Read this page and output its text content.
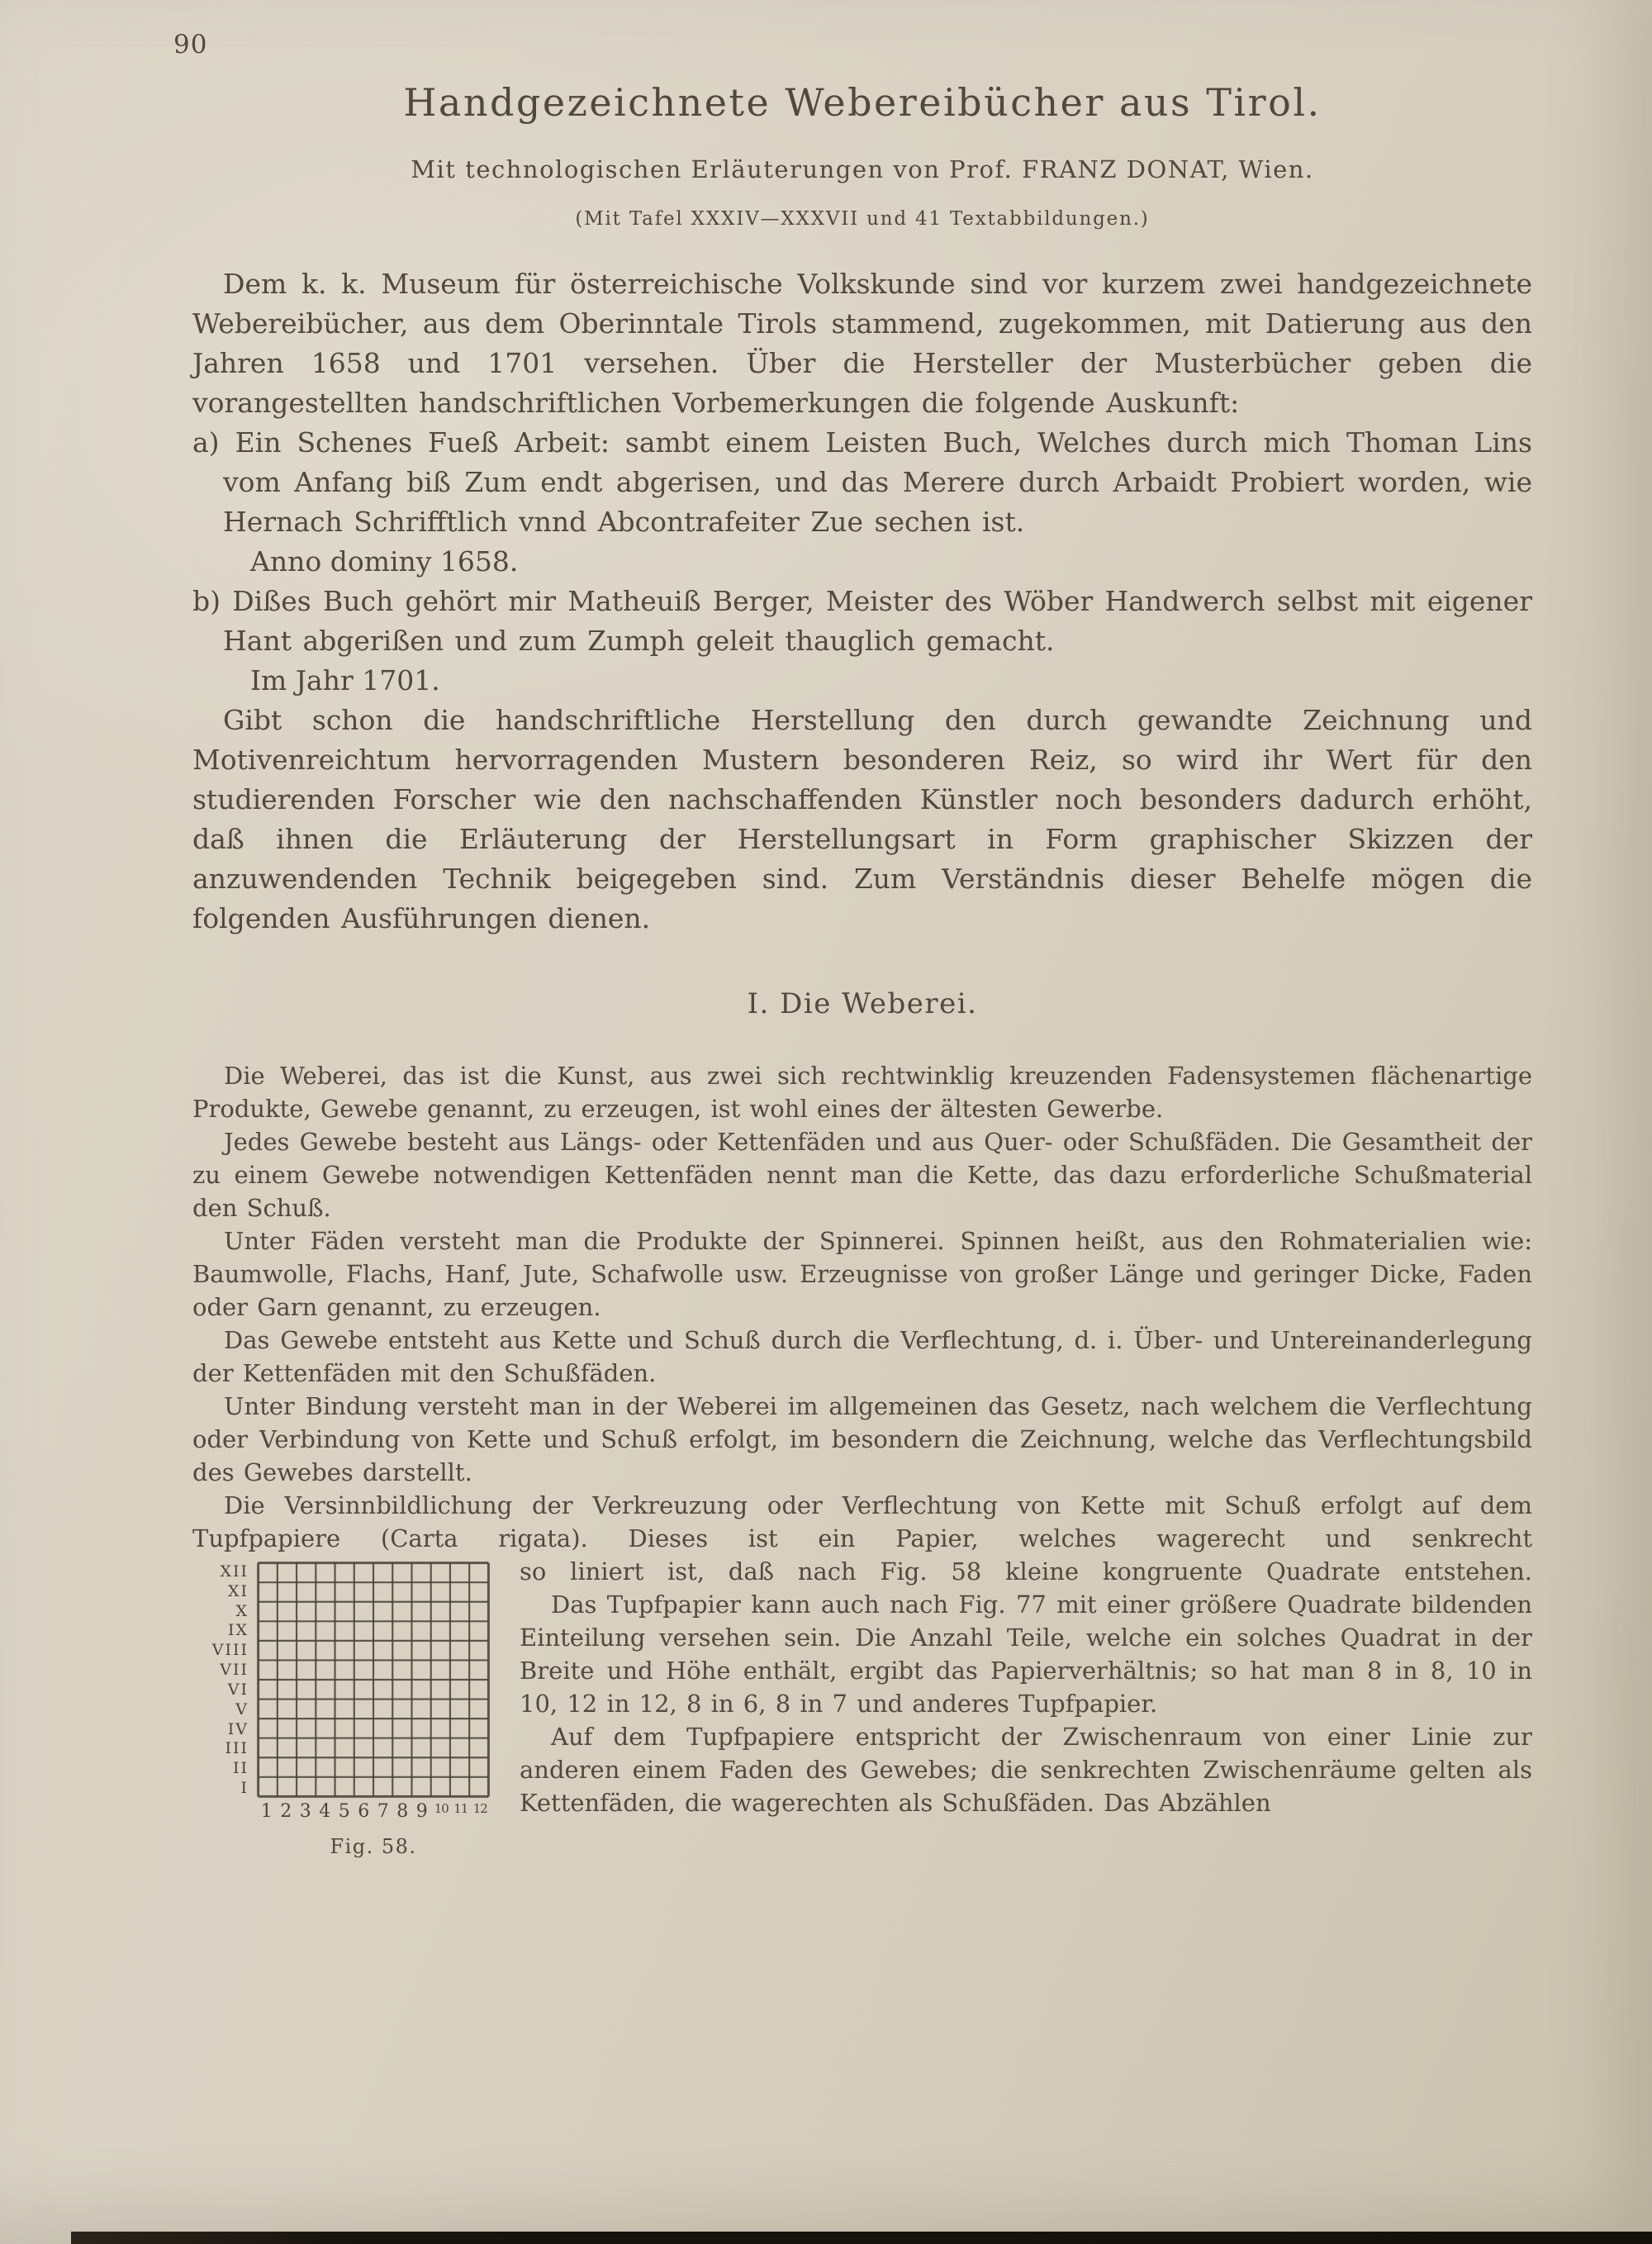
90
Handgezeichnete Webereibücher aus Tirol.
Mit technologischen Erläuterungen von Prof. FRANZ DONAT, Wien.
(Mit Tafel XXXIV—XXXVII und 41 Textabbildungen.)

Dem k. k. Museum für österreichische Volkskunde sind vor kurzem zwei handgezeichnete Webereibücher, aus dem Oberinntale Tirols stammend, zugekommen, mit Datierung aus den Jahren 1658 und 1701 versehen. Über die Hersteller der Musterbücher geben die vorangestellten handschriftlichen Vorbemerkungen die folgende Auskunft:

a) Ein Schenes Fueß Arbeit: sambt einem Leisten Buch, Welches durch mich Thoman Lins vom Anfang biß Zum endt abgerisen, und das Merere durch Arbaidt Probiert worden, wie Hernach Schrifftlich vnnd Abcontrafeiter Zue sechen ist.

Anno dominy 1658.

b) Dißes Buch gehört mir Matheuiß Berger, Meister des Wöber Handwerch selbst mit eigener Hant abgerißen und zum Zumph geleit thauglich gemacht.

Im Jahr 1701.

Gibt schon die handschriftliche Herstellung den durch gewandte Zeichnung und Motivenreichtum hervorragenden Mustern besonderen Reiz, so wird ihr Wert für den studierenden Forscher wie den nachschaffenden Künstler noch besonders dadurch erhöht, daß ihnen die Erläuterung der Herstellungsart in Form graphischer Skizzen der anzuwendenden Technik beigegeben sind. Zum Verständnis dieser Behelfe mögen die folgenden Ausführungen dienen.

I. Die Weberei.

Die Weberei, das ist die Kunst, aus zwei sich rechtwinklig kreuzenden Fadensystemen flächenartige Produkte, Gewebe genannt, zu erzeugen, ist wohl eines der ältesten Gewerbe.

Jedes Gewebe besteht aus Längs- oder Kettenfäden und aus Quer- oder Schußfäden. Die Gesamtheit der zu einem Gewebe notwendigen Kettenfäden nennt man die Kette, das dazu erforderliche Schußmaterial den Schuß.

Unter Fäden versteht man die Produkte der Spinnerei. Spinnen heißt, aus den Rohmaterialien wie: Baumwolle, Flachs, Hanf, Jute, Schafwolle usw. Erzeugnisse von großer Länge und geringer Dicke, Faden oder Garn genannt, zu erzeugen.

Das Gewebe entsteht aus Kette und Schuß durch die Verflechtung, d. i. Über- und Untereinanderlegung der Kettenfäden mit den Schußfäden.

Unter Bindung versteht man in der Weberei im allgemeinen das Gesetz, nach welchem die Verflechtung oder Verbindung von Kette und Schuß erfolgt, im besondern die Zeichnung, welche das Verflechtungsbild des Gewebes darstellt.

Die Versinnbildlichung der Verkreuzung oder Verflechtung von Kette mit Schuß erfolgt auf dem Tupfpapiere (Carta rigata). Dieses ist ein Papier, welches wagerecht und senkrecht

XII
XI
X
IX
VIII
VII
VI
V
IV
III
II
I
1 2 3 4 5 6 7 8 9 10 11 12
Fig. 58.

so liniert ist, daß nach Fig. 58 kleine kongruente Quadrate entstehen.

Das Tupfpapier kann auch nach Fig. 77 mit einer größere Quadrate bildenden Einteilung versehen sein. Die Anzahl Teile, welche ein solches Quadrat in der Breite und Höhe enthält, ergibt das Papierverhältnis; so hat man 8 in 8, 10 in 10, 12 in 12, 8 in 6, 8 in 7 und anderes Tupfpapier.

Auf dem Tupfpapiere entspricht der Zwischenraum von einer Linie zur anderen einem Faden des Gewebes; die senkrechten Zwischenräume gelten als Kettenfäden, die wagerechten als Schußfäden. Das Abzählen
